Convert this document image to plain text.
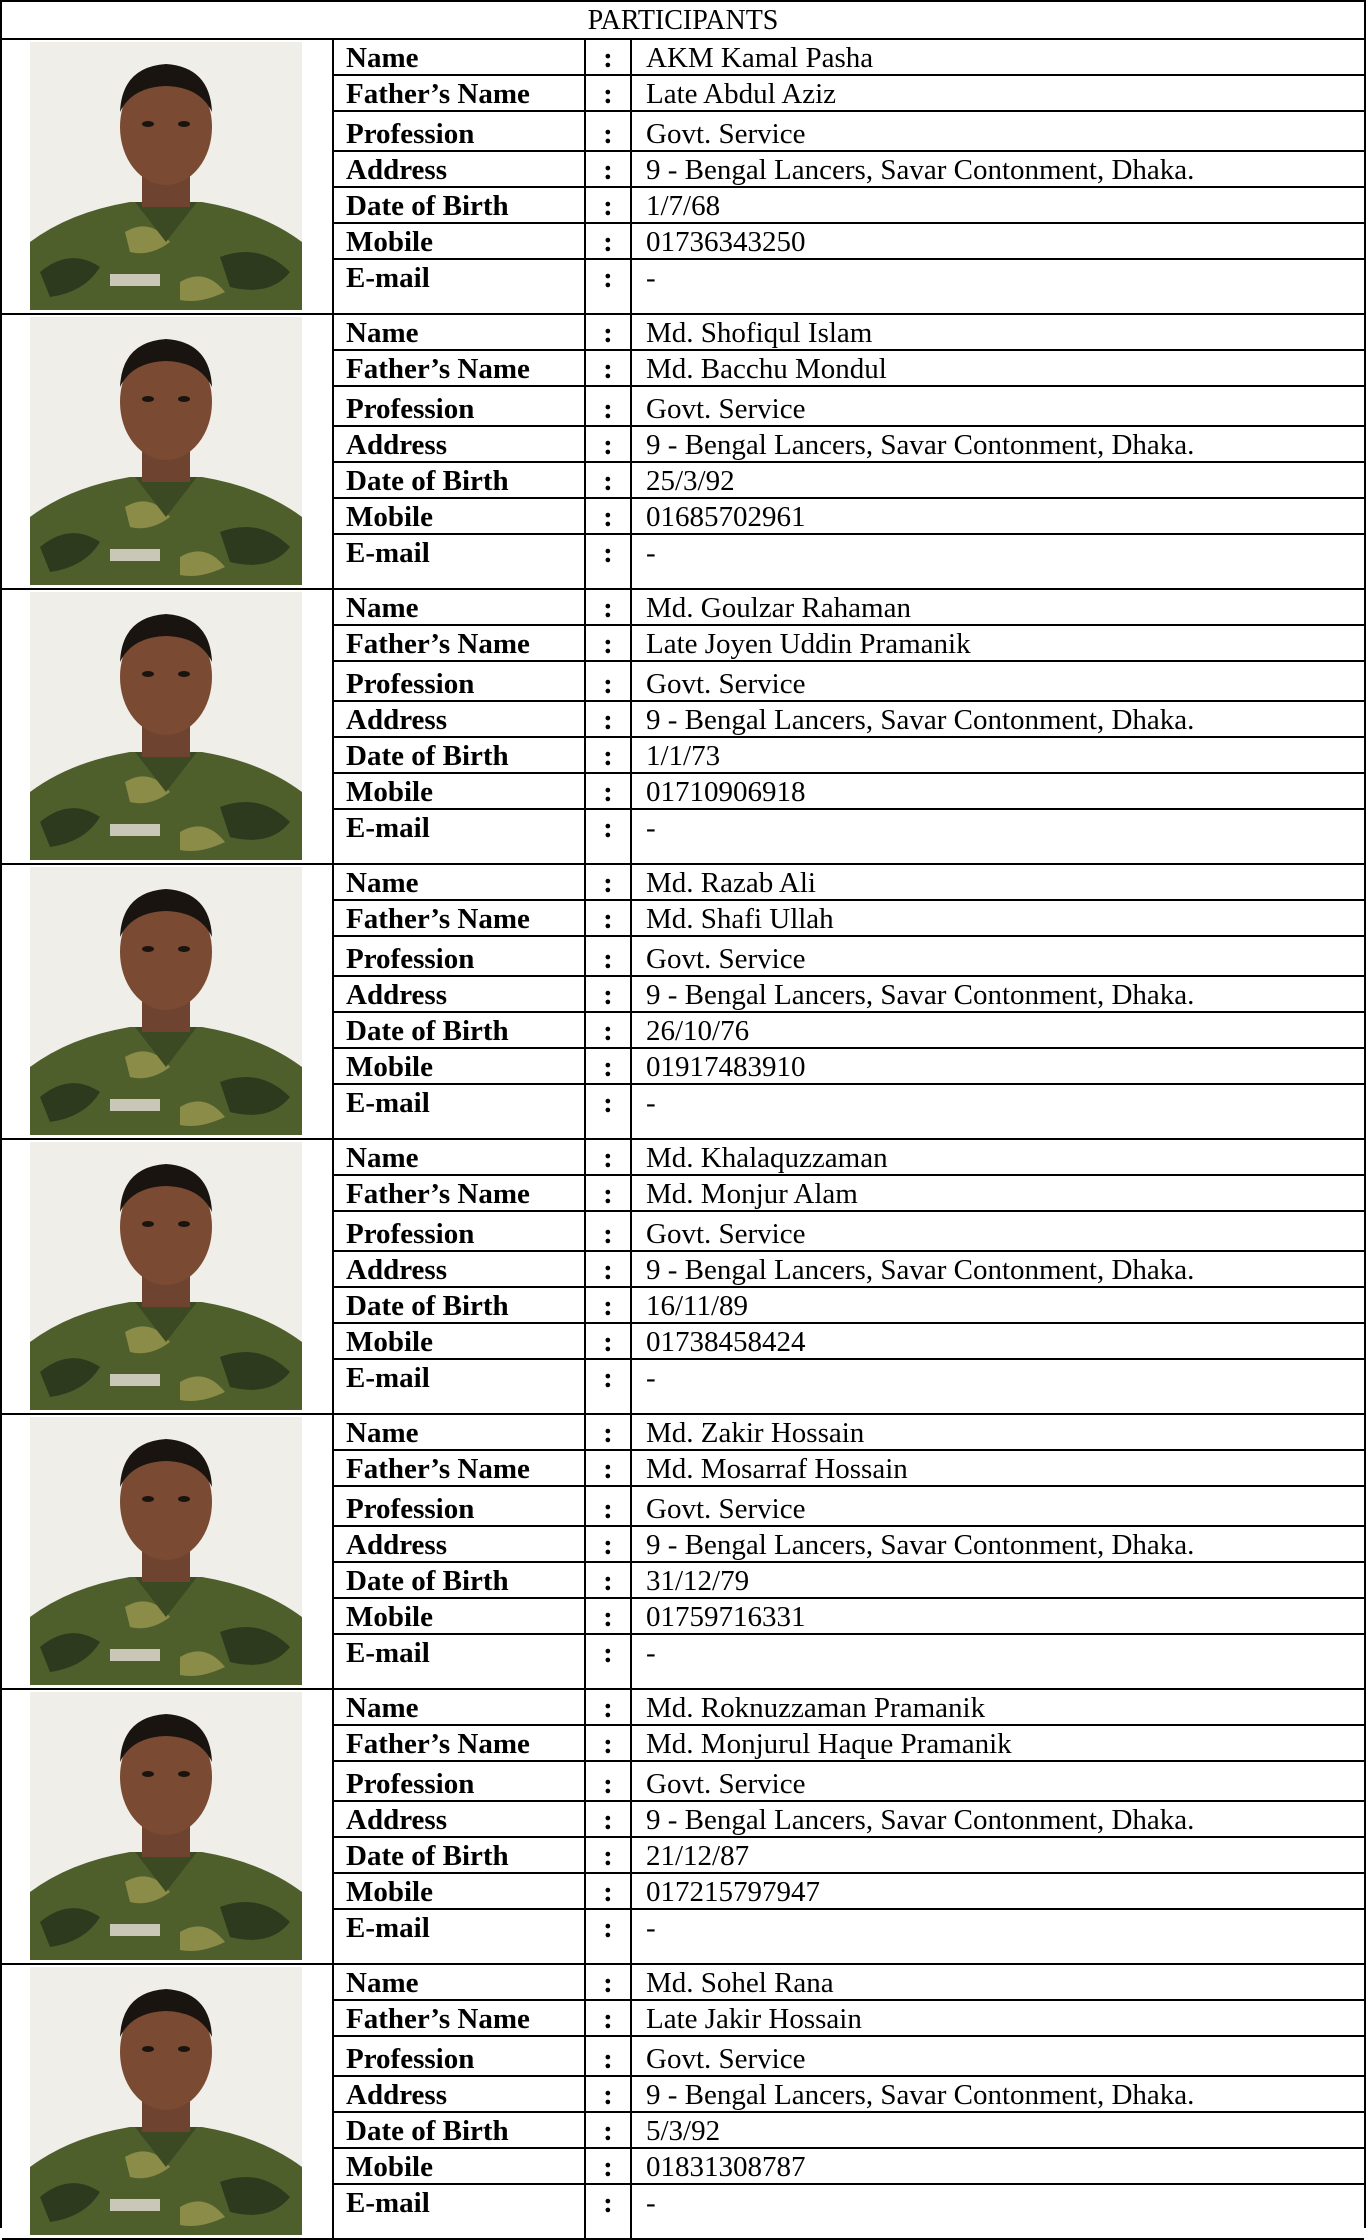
PARTICIPANTS
Name	:	AKM Kamal Pasha
Father’s Name	:	Late Abdul Aziz
Profession	:	Govt. Service
Address	:	9 - Bengal Lancers, Savar Contonment, Dhaka.
Date of Birth	:	1/7/68
Mobile	:	01736343250
E-mail	:	-
Name	:	Md. Shofiqul Islam
Father’s Name	:	Md. Bacchu Mondul
Profession	:	Govt. Service
Address	:	9 - Bengal Lancers, Savar Contonment, Dhaka.
Date of Birth	:	25/3/92
Mobile	:	01685702961
E-mail	:	-
Name	:	Md. Goulzar Rahaman
Father’s Name	:	Late Joyen Uddin Pramanik
Profession	:	Govt. Service
Address	:	9 - Bengal Lancers, Savar Contonment, Dhaka.
Date of Birth	:	1/1/73
Mobile	:	01710906918
E-mail	:	-
Name	:	Md. Razab Ali
Father’s Name	:	Md. Shafi Ullah
Profession	:	Govt. Service
Address	:	9 - Bengal Lancers, Savar Contonment, Dhaka.
Date of Birth	:	26/10/76
Mobile	:	01917483910
E-mail	:	-
Name	:	Md. Khalaquzzaman
Father’s Name	:	Md. Monjur Alam
Profession	:	Govt. Service
Address	:	9 - Bengal Lancers, Savar Contonment, Dhaka.
Date of Birth	:	16/11/89
Mobile	:	01738458424
E-mail	:	-
Name	:	Md. Zakir Hossain
Father’s Name	:	Md. Mosarraf Hossain
Profession	:	Govt. Service
Address	:	9 - Bengal Lancers, Savar Contonment, Dhaka.
Date of Birth	:	31/12/79
Mobile	:	01759716331
E-mail	:	-
Name	:	Md. Roknuzzaman Pramanik
Father’s Name	:	Md. Monjurul Haque Pramanik
Profession	:	Govt. Service
Address	:	9 - Bengal Lancers, Savar Contonment, Dhaka.
Date of Birth	:	21/12/87
Mobile	:	017215797947
E-mail	:	-
Name	:	Md. Sohel Rana
Father’s Name	:	Late Jakir Hossain
Profession	:	Govt. Service
Address	:	9 - Bengal Lancers, Savar Contonment, Dhaka.
Date of Birth	:	5/3/92
Mobile	:	01831308787
E-mail	:	-
